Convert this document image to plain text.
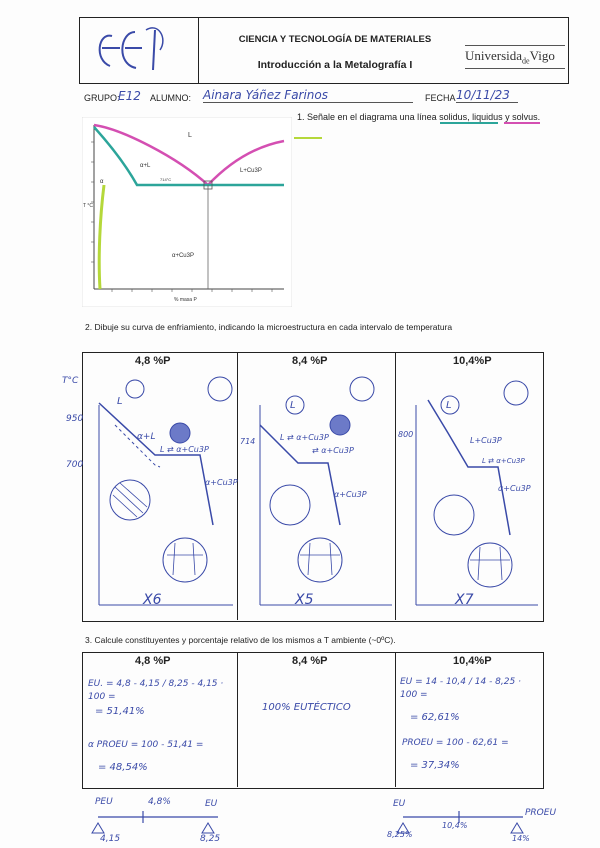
CIENCIA Y TECNOLOGÍA DE MATERIALES
Introducción a la Metalografía I
Universida$_{de}$Vigo
GRUPO:
E12 ALUMNO: Ainara Yáñez Farinos	FECHA 10/11/23
L
α+L
L+Cu3P
α+Cu3P
α	714°C
T °C
% masa P
1. Señale en el diagrama una línea solidus, liquidus y solvus.
2. Dibuje su curva de enfriamiento, indicando la microestructura en cada intervalo de temperatura
4,8 %P	8,4 %P	10,4%P
T°C
950
700
L
α+L
L ⇄ α+Cu3P
α+Cu3P
X6
714
L
L ⇄ α+Cu3P
⇄ α+Cu3P
α+Cu3P
X5
800
L
L+Cu3P
L ⇄ α+Cu3P
α+Cu3P
X7
3. Calcule constituyentes y porcentaje relativo de los mismos a T ambiente (~0ºC).
4,8 %P	8,4 %P	10,4%P
EU. = 4,8 - 4,15 / 8,25 - 4,15 · 100 =
= 51,41%
α PROEU = 100 - 51,41 =
= 48,54%
100% EUTÉCTICO
EU = 14 - 10,4 / 14 - 8,25 · 100 =
= 62,61%
PROEU = 100 - 62,61 =
= 37,34%
PEU	4,8%	EU
4,15	8,25
EU
10,4%
PROEU
8,25%	14%
